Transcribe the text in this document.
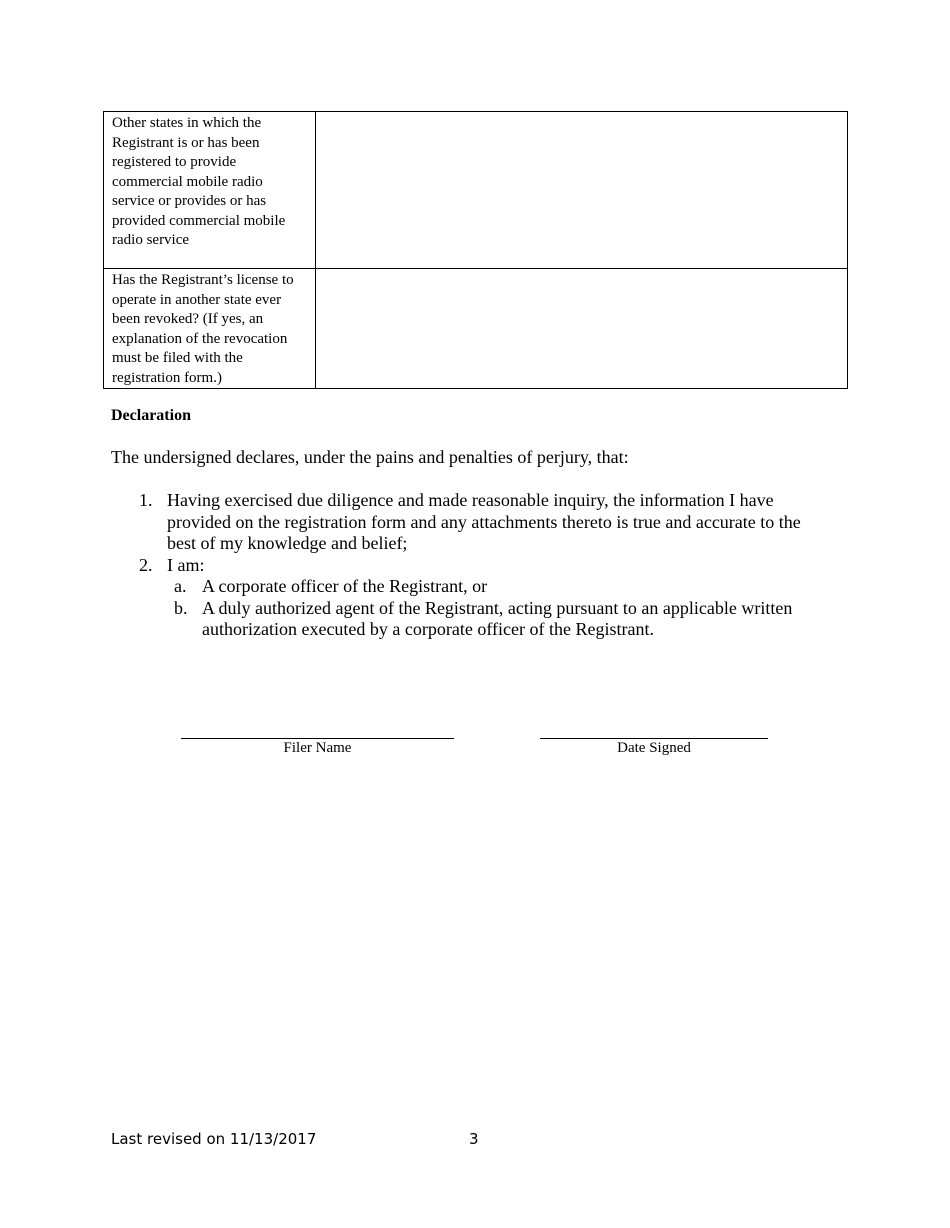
Other states in which the Registrant is or has been registered to provide commercial mobile radio service or provides or has provided commercial mobile radio service	
Has the Registrant’s license to operate in another state ever been revoked? (If yes, an explanation of the revocation must be filed with the registration form.)	
Declaration

The undersigned declares, under the pains and penalties of perjury, that:

1. Having exercised due diligence and made reasonable inquiry, the information I have provided on the registration form and any attachments thereto is true and accurate to the best of my knowledge and belief;
2. I am:
a. A corporate officer of the Registrant, or
b. A duly authorized agent of the Registrant, acting pursuant to an applicable written authorization executed by a corporate officer of the Registrant.
Filer Name	Date Signed
Last revised on 11/13/2017	3
